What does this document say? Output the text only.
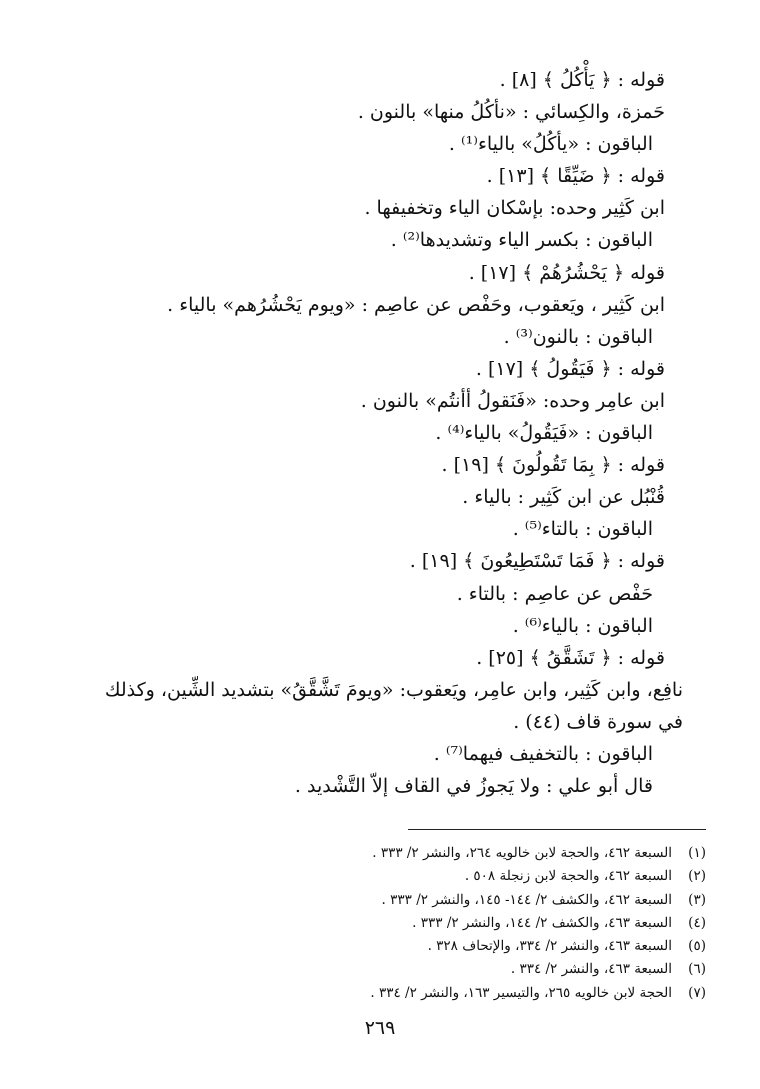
قوله : ﴿ يَأْكُلُ ﴾ [٨] .
حَمزة، والكِسائي : «نأكُلُ منها» بالنون .
الباقون : «يأكُلُ» بالياء⁽¹⁾ .
قوله : ﴿ ضَيِّقًا ﴾ [١٣] .
ابن كَثِير وحده: بإسْكان الياء وتخفيفها .
الباقون : بكسر الياء وتشديدها⁽²⁾ .
قوله ﴿ يَحْشُرُهُمْ ﴾ [١٧] .
ابن كَثِير ، ويَعقوب، وحَفْص عن عاصِم : «ويوم يَحْشُرُهم» بالياء .
الباقون : بالنون⁽³⁾ .
قوله : ﴿ فَيَقُولُ ﴾ [١٧] .
ابن عامِر وحده: «فَنَقولُ أأنتُم» بالنون .
الباقون : «فَيَقُولُ» بالياء⁽⁴⁾ .
قوله : ﴿ بِمَا تَقُولُونَ ﴾ [١٩] .
قُنْبُل عن ابن كَثِير : بالياء .
الباقون : بالتاء⁽⁵⁾ .
قوله : ﴿ فَمَا تَسْتَطِيعُونَ ﴾ [١٩] .
حَفْص عن عاصِم : بالتاء .
الباقون : بالياء⁽⁶⁾ .
قوله : ﴿ تَشَقَّقُ ﴾ [٢٥] .
نافِع، وابن كَثِير، وابن عامِر، ويَعقوب: «ويومَ تَشَّقَّقُ» بتشديد الشِّين، وكذلك في سورة قاف (٤٤) .
الباقون : بالتخفيف فيهما⁽⁷⁾ .
قال أبو علي : ولا يَجوزُ في القاف إلاّ التَّشْديد .
(١)السبعة ٤٦٢، والحجة لابن خالويه ٢٦٤، والنشر ٢/ ٣٣٣ .
(٢)السبعة ٤٦٢، والحجة لابن زنجلة ٥٠٨ .
(٣)السبعة ٤٦٢، والكشف ٢/ ١٤٤- ١٤٥، والنشر ٢/ ٣٣٣ .
(٤)السبعة ٤٦٣، والكشف ٢/ ١٤٤، والنشر ٢/ ٣٣٣ .
(٥)السبعة ٤٦٣، والنشر ٢/ ٣٣٤، والإتحاف ٣٢٨ .
(٦)السبعة ٤٦٣، والنشر ٢/ ٣٣٤ .
(٧)الحجة لابن خالويه ٢٦٥، والتيسير ١٦٣، والنشر ٢/ ٣٣٤ .
٢٦٩
